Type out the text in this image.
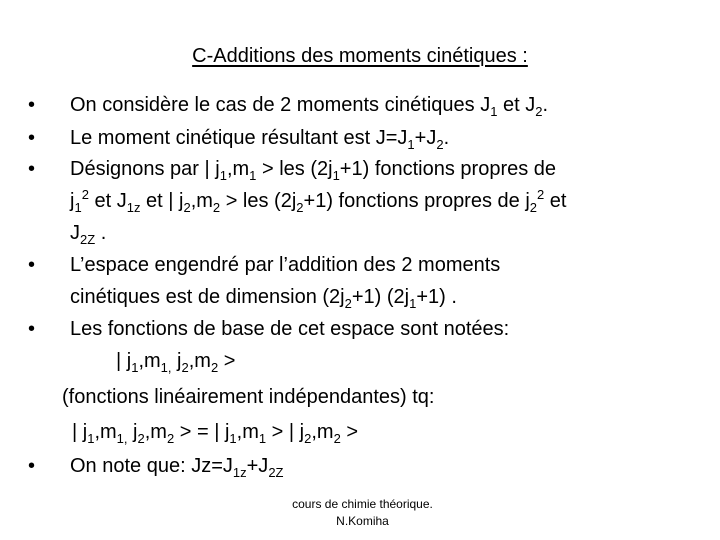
C-Additions des moments cinétiques :
•
•
•
•
•
•
On considère le cas de 2 moments cinétiques $J_1$ et $J_2$.
Le moment cinétique résultant est $J=J_1+J_2$.
Désignons par | $j_1,m_1$ > les $(2j_1+1)$ fonctions propres de
$j_1^2$ et $J_{1z}$ et | $j_2,m_2$ > les $(2j_2+1)$ fonctions propres de $j_2^2$ et
$J_{2Z}$ .
L’espace engendré par l’addition des 2 moments
cinétiques est de dimension $(2j_2+1)$ $(2j_1+1)$ .
Les fonctions de base de cet espace sont notées:
| $j_1,m_{1,}$ $j_2,m_2$ >
(fonctions linéairement indépendantes) tq:
| $j_1,m_{1,}$ $j_2,m_2$ > = | $j_1,m_1$ > | $j_2,m_2$ >
On note que: $Jz=J_{1z}+J_{2Z}$
cours de chimie théorique.
N.Komiha
